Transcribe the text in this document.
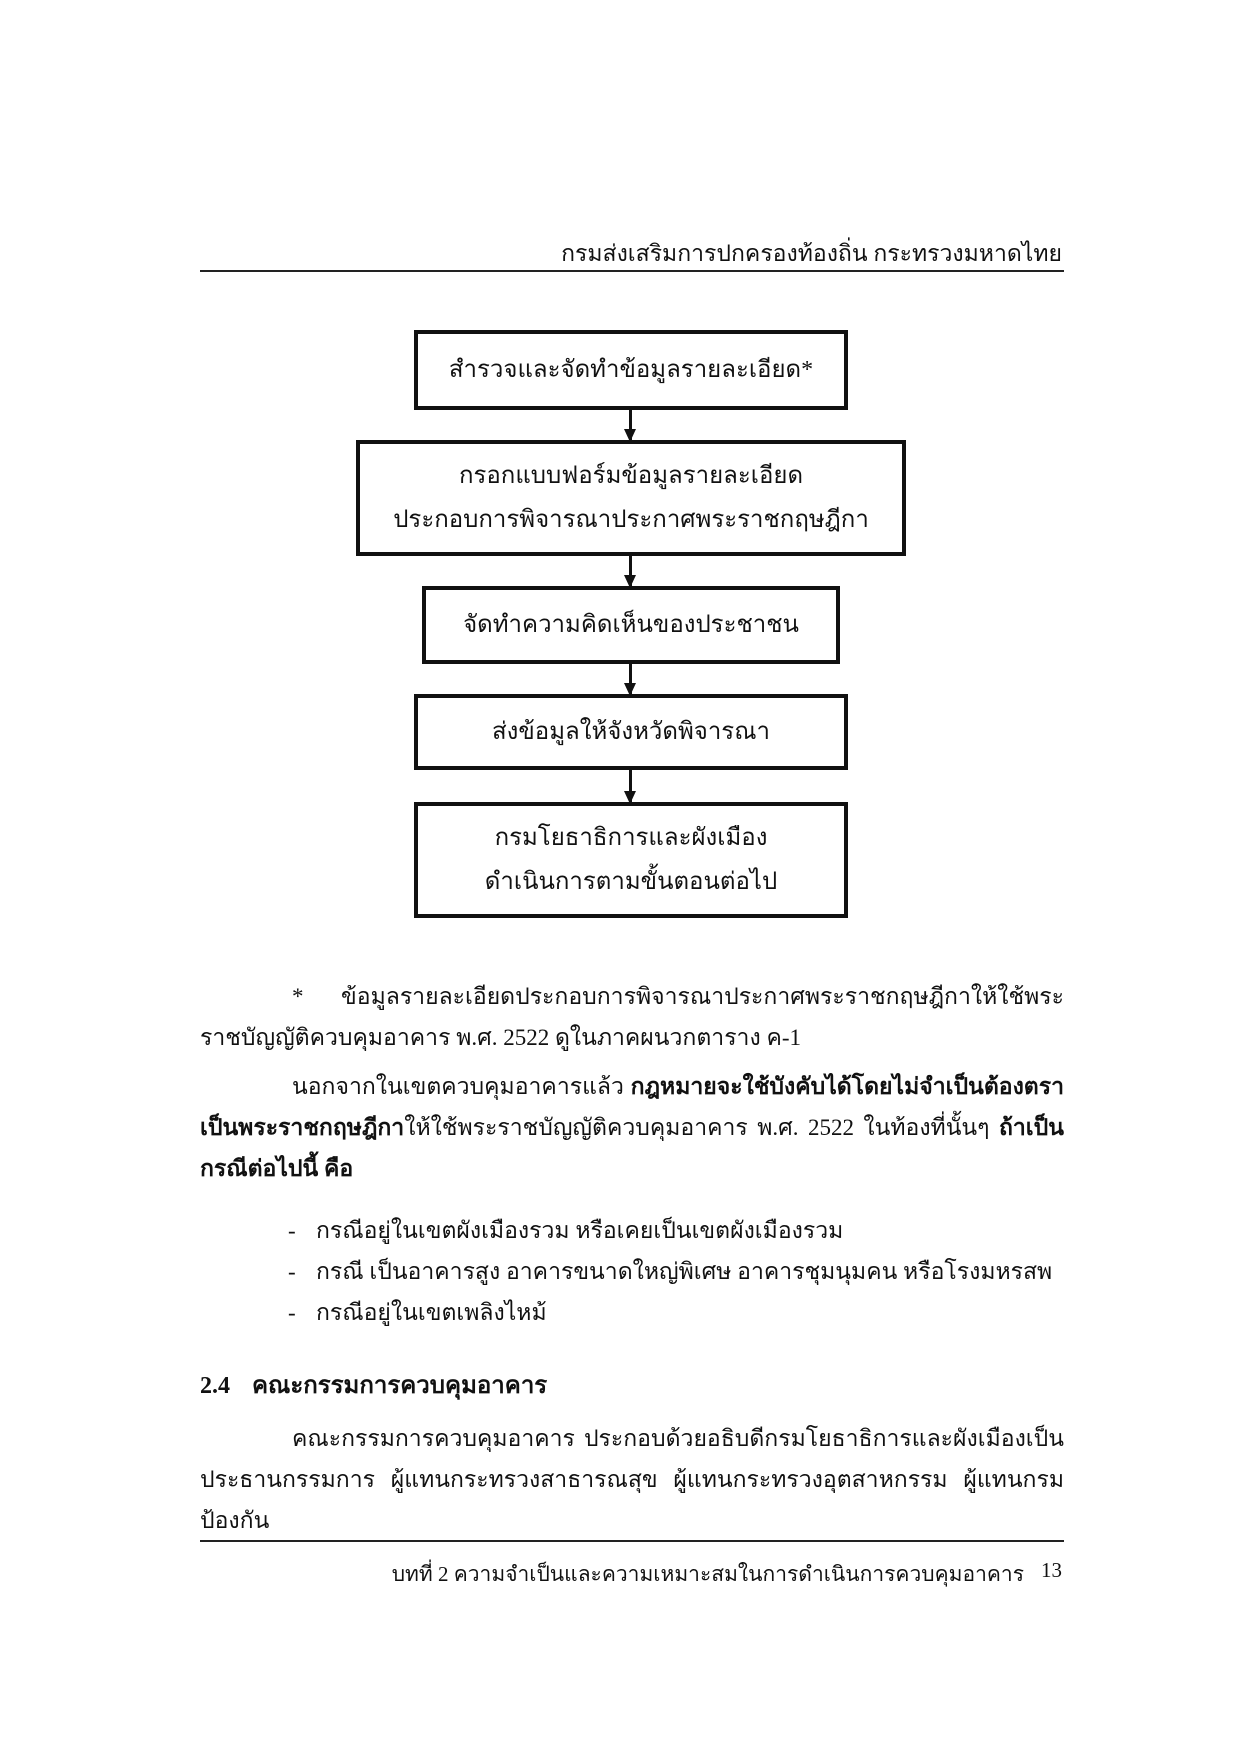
กรมส่งเสริมการปกครองท้องถิ่น กระทรวงมหาดไทย
สำรวจและจัดทำข้อมูลรายละเอียด*
กรอกแบบฟอร์มข้อมูลรายละเอียด
ประกอบการพิจารณาประกาศพระราชกฤษฎีกา
จัดทำความคิดเห็นของประชาชน
ส่งข้อมูลให้จังหวัดพิจารณา
กรมโยธาธิการและผังเมือง
ดำเนินการตามขั้นตอนต่อไป

* ข้อมูลรายละเอียดประกอบการพิจารณาประกาศพระราชกฤษฎีกาให้ใช้พระราชบัญญัติควบคุมอาคาร พ.ศ. 2522 ดูในภาคผนวกตาราง ค-1

นอกจากในเขตควบคุมอาคารแล้ว กฎหมายจะใช้บังคับได้โดยไม่จำเป็นต้องตราเป็นพระราชกฤษฎีกาให้ใช้พระราชบัญญัติควบคุมอาคาร พ.ศ. 2522 ในท้องที่นั้นๆ ถ้าเป็นกรณีต่อไปนี้ คือ

- กรณีอยู่ในเขตผังเมืองรวม หรือเคยเป็นเขตผังเมืองรวม
- กรณี เป็นอาคารสูง อาคารขนาดใหญ่พิเศษ อาคารชุมนุมคน หรือโรงมหรสพ
- กรณีอยู่ในเขตเพลิงไหม้
2.4 คณะกรรมการควบคุมอาคาร

คณะกรรมการควบคุมอาคาร ประกอบด้วยอธิบดีกรมโยธาธิการและผังเมืองเป็นประธานกรรมการ ผู้แทนกระทรวงสาธารณสุข ผู้แทนกระทรวงอุตสาหกรรม ผู้แทนกรมป้องกัน

บทที่ 2 ความจำเป็นและความเหมาะสมในการดำเนินการควบคุมอาคาร 13
